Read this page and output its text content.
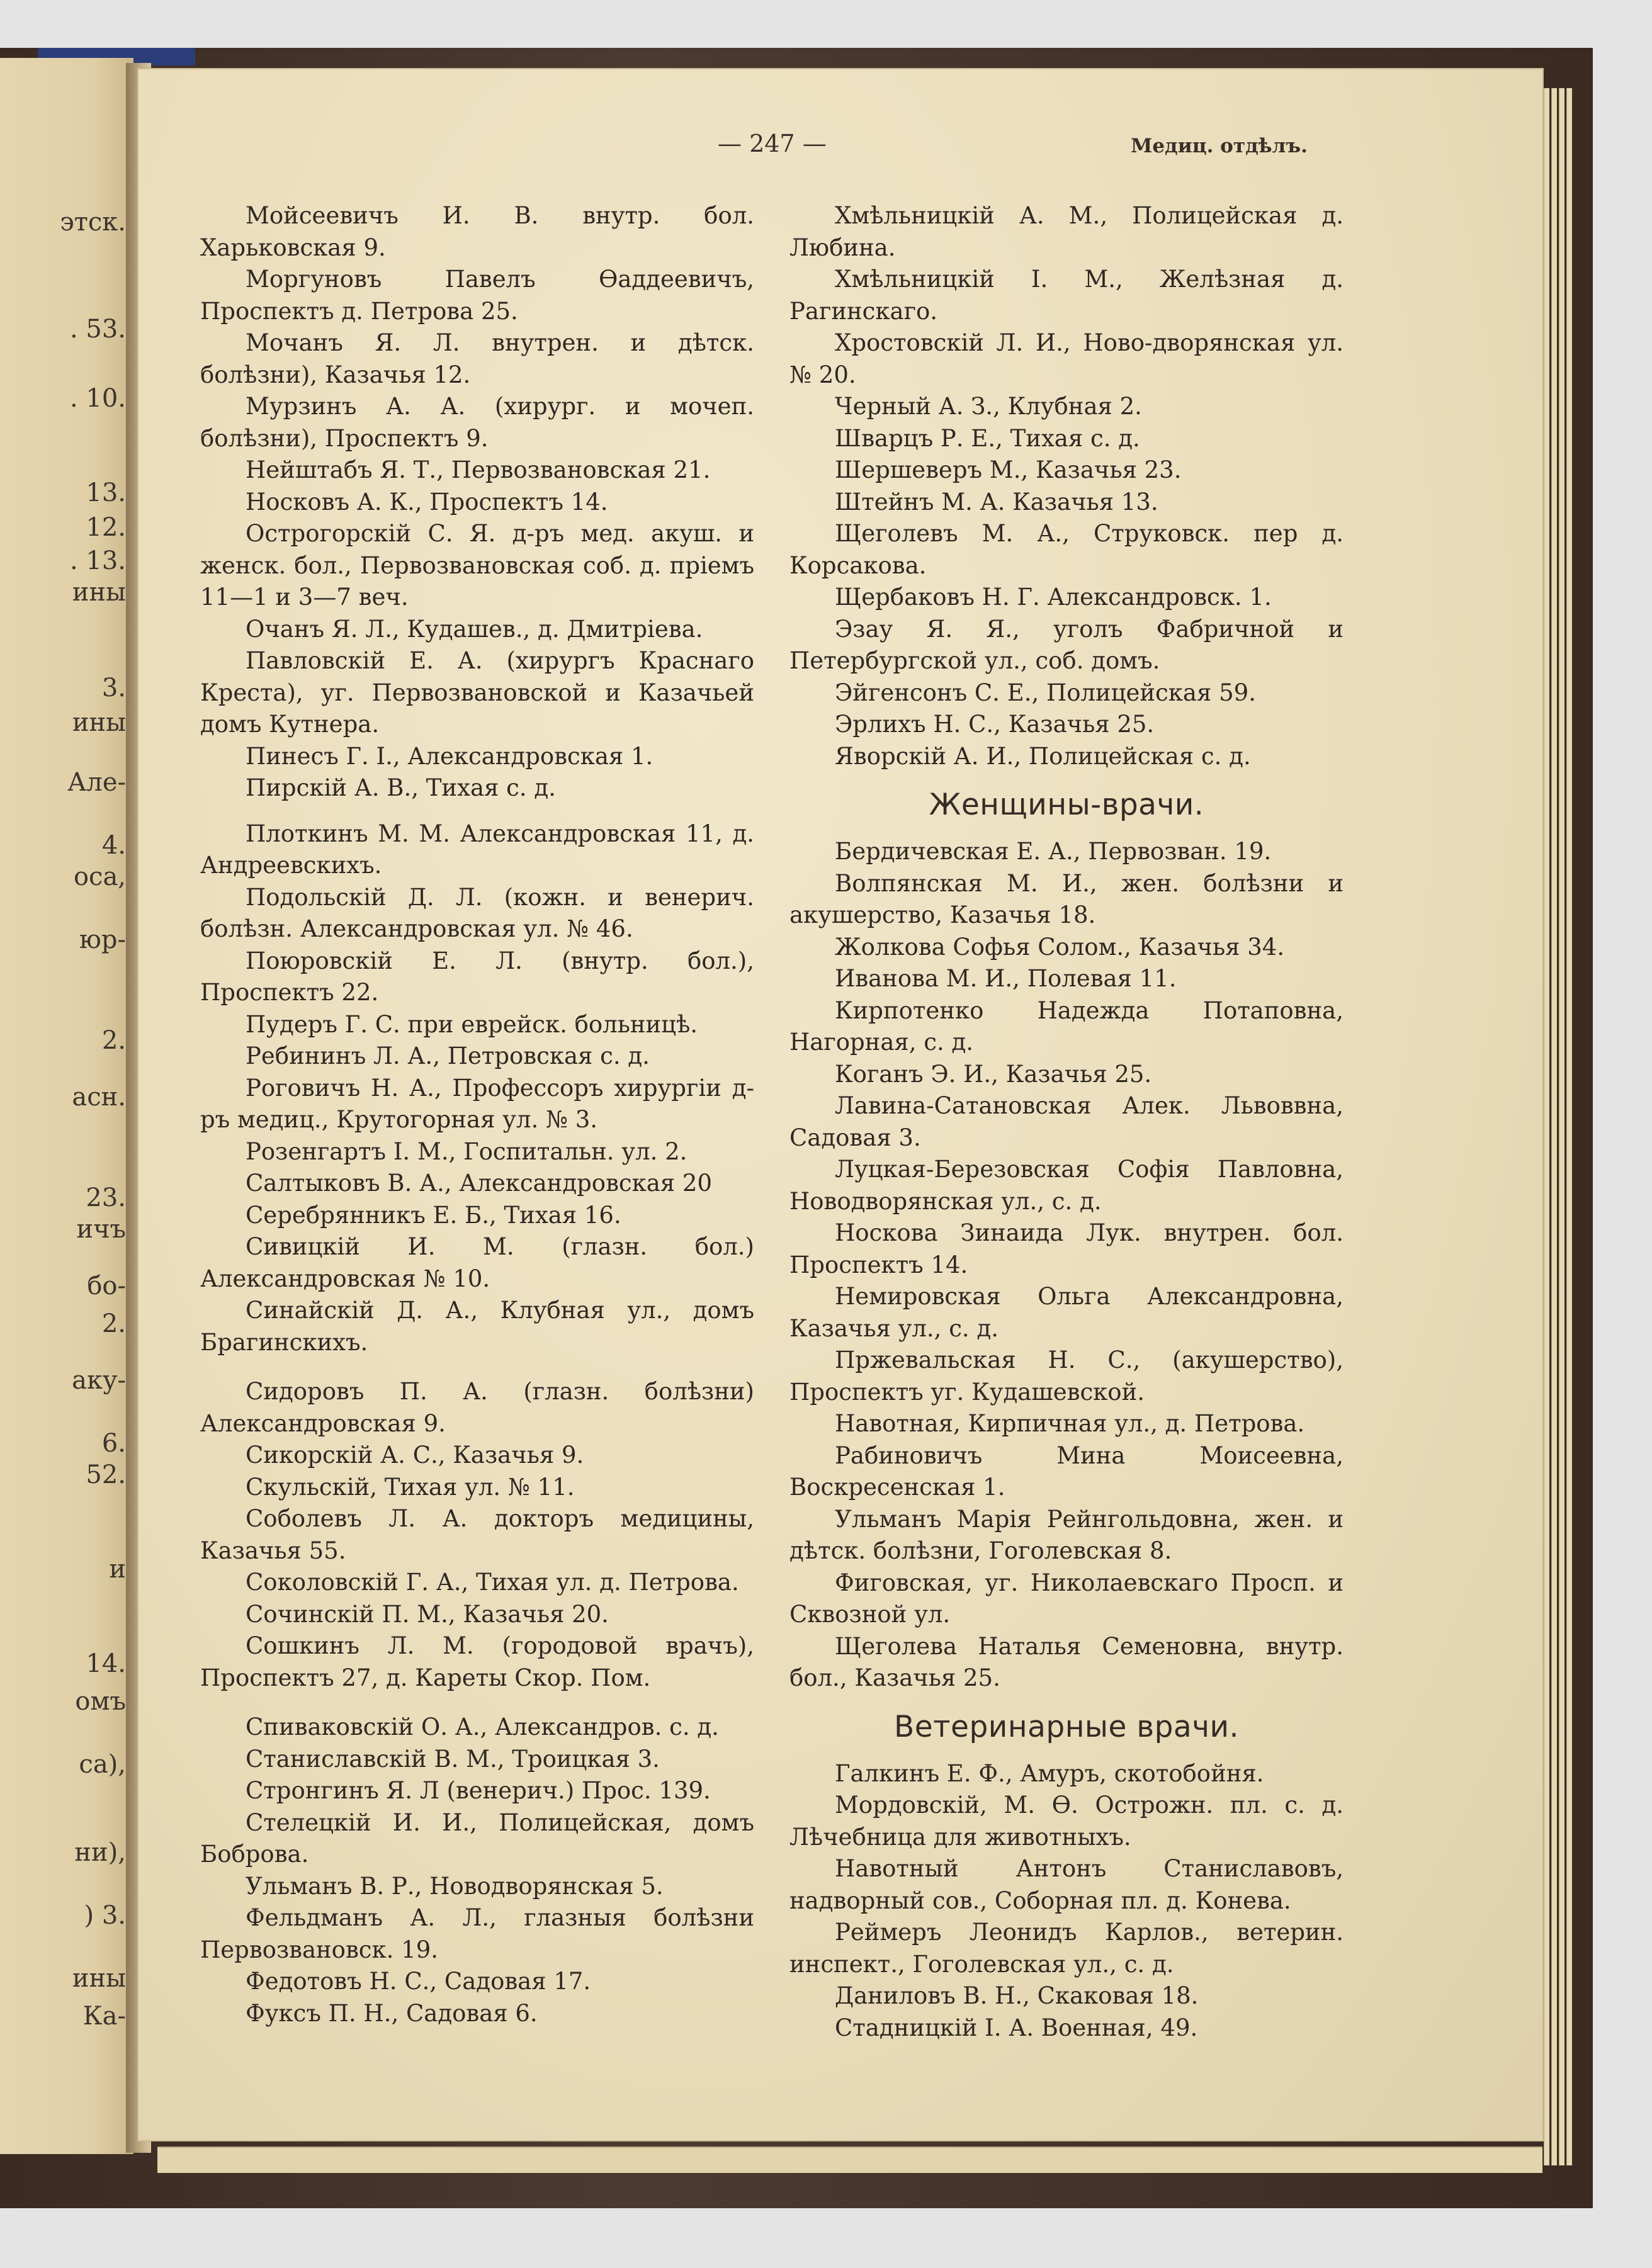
этск.
. 53.
. 10.
13.
12.
. 13.
ины
3.
ины
Але-
4.
оса,
юр-
2.
асн.
23.
ичъ
бо-
2.
аку-
6.
52.
и
14.
омъ
са),
ни),
) 3.
ины
Ка-
— 247 —	Медиц. отдѣлъ.

Мойсеевичъ И. В. внутр. бол. Харьковская 9.

Моргуновъ Павелъ Ѳаддеевичъ, Проспектъ д. Петрова 25.

Мочанъ Я. Л. внутрен. и дѣтск. болѣзни), Казачья 12.

Мурзинъ А. А. (хирург. и мочеп. болѣзни), Проспектъ 9.

Нейштабъ Я. Т., Первозвановская 21.

Носковъ А. К., Проспектъ 14.

Острогорскій С. Я. д-ръ мед. акуш. и женск. бол., Первозвановская соб. д. пріемъ 11—1 и 3—7 веч.

Очанъ Я. Л., Кудашев., д. Дмитріева.

Павловскій Е. А. (хирургъ Краснаго Креста), уг. Первозвановской и Казачьей домъ Кутнера.

Пинесъ Г. І., Александровская 1.

Пирскій А. В., Тихая с. д.

Плоткинъ М. М. Александровская 11, д. Андреевскихъ.

Подольскій Д. Л. (кожн. и венерич. болѣзн. Александровская ул. № 46.

Поюровскій Е. Л. (внутр. бол.), Проспектъ 22.

Пудеръ Г. С. при еврейск. больницѣ.

Ребининъ Л. А., Петровская с. д.

Роговичъ Н. А., Профессоръ хирургіи д-ръ медиц., Крутогорная ул. № 3.

Розенгартъ І. М., Госпитальн. ул. 2.

Салтыковъ В. А., Александровская 20

Серебрянникъ Е. Б., Тихая 16.

Сивицкій И. М. (глазн. бол.) Александровская № 10.

Синайскій Д. А., Клубная ул., домъ Брагинскихъ.

Сидоровъ П. А. (глазн. болѣзни) Александровская 9.

Сикорскій А. С., Казачья 9.

Скульскій, Тихая ул. № 11.

Соболевъ Л. А. докторъ медицины, Казачья 55.

Соколовскій Г. А., Тихая ул. д. Петрова.

Сочинскій П. М., Казачья 20.

Сошкинъ Л. М. (городовой врачъ), Проспектъ 27, д. Кареты Скор. Пом.

Спиваковскій О. А., Александров. с. д.

Станиславскій В. М., Троицкая 3.

Стронгинъ Я. Л (венерич.) Прос. 139.

Стелецкій И. И., Полицейская, домъ Боброва.

Ульманъ В. Р., Новодворянская 5.

Фельдманъ А. Л., глазныя болѣзни Первозвановск. 19.

Федотовъ Н. С., Садовая 17.

Фуксъ П. Н., Садовая 6.

Хмѣльницкій А. М., Полицейская д. Любина.

Хмѣльницкій І. М., Желѣзная д. Рагинскаго.

Хростовскій Л. И., Ново-дворянская ул. № 20.

Черный А. З., Клубная 2.

Шварцъ Р. Е., Тихая с. д.

Шершеверъ М., Казачья 23.

Штейнъ М. А. Казачья 13.

Щеголевъ М. А., Струковск. пер д. Корсакова.

Щербаковъ Н. Г. Александровск. 1.

Эзау Я. Я., уголъ Фабричной и Петербургской ул., соб. домъ.

Эйгенсонъ С. Е., Полицейская 59.

Эрлихъ Н. С., Казачья 25.

Яворскій А. И., Полицейская с. д.

Женщины-врачи.

Бердичевская Е. А., Первозван. 19.

Волпянская М. И., жен. болѣзни и акушерство, Казачья 18.

Жолкова Софья Солом., Казачья 34.

Иванова М. И., Полевая 11.

Кирпотенко Надежда Потаповна, Нагорная, с. д.

Коганъ Э. И., Казачья 25.

Лавина-Сатановская Алек. Львоввна, Садовая 3.

Луцкая-Березовская Софія Павловна, Новодворянская ул., с. д.

Носкова Зинаида Лук. внутрен. бол. Проспектъ 14.

Немировская Ольга Александровна, Казачья ул., с. д.

Пржевальская Н. С., (акушерство), Проспектъ уг. Кудашевской.

Навотная, Кирпичная ул., д. Петрова.

Рабиновичъ Мина Моисеевна, Воскресенская 1.

Ульманъ Марія Рейнгольдовна, жен. и дѣтск. болѣзни, Гоголевская 8.

Фиговская, уг. Николаевскаго Просп. и Сквозной ул.

Щеголева Наталья Семеновна, внутр. бол., Казачья 25.

Ветеринарные врачи.

Галкинъ Е. Ф., Амуръ, скотобойня.

Мордовскій, М. Ѳ. Острожн. пл. с. д. Лѣчебница для животныхъ.

Навотный Антонъ Станиславовъ, надворный сов., Соборная пл. д. Конева.

Реймеръ Леонидъ Карлов., ветерин. инспект., Гоголевская ул., с. д.

Даниловъ В. Н., Скаковая 18.

Стадницкій І. А. Военная, 49.
